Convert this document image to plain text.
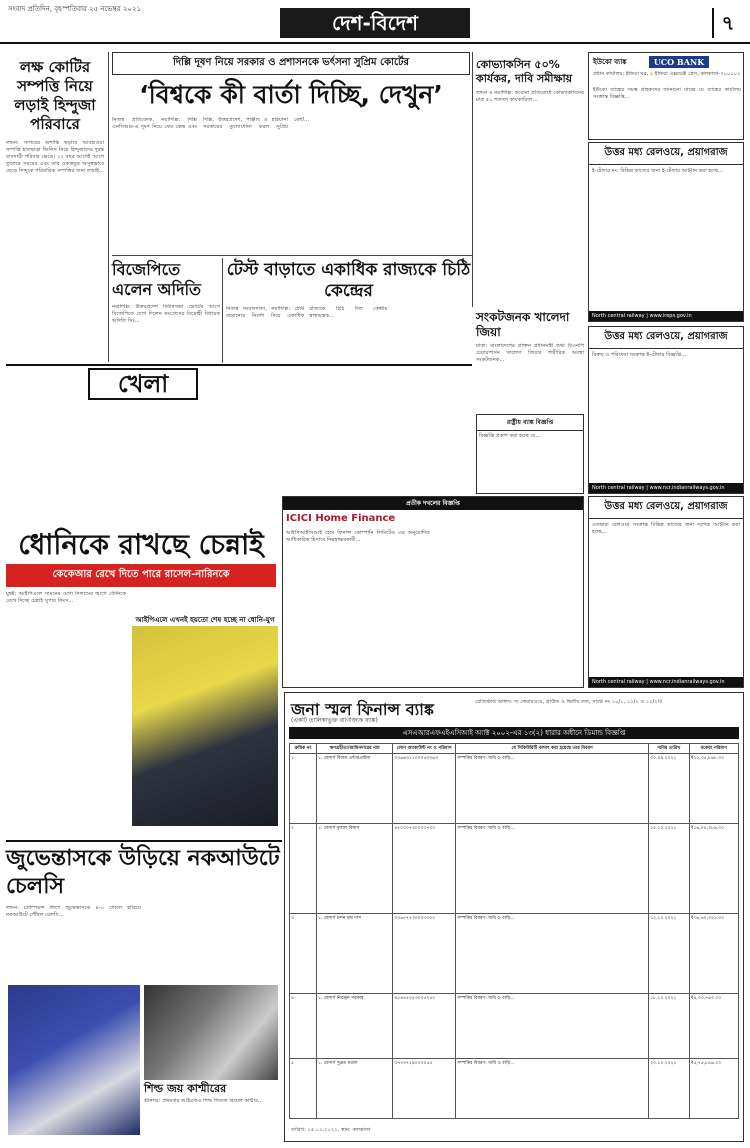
সংবাদ প্রতিদিন, বৃহস্পতিবার ২৫ নভেম্বর ২০২১
দেশ-বিদেশ	৭
লক্ষ কোটির সম্পত্তি নিয়ে লড়াই হিন্দুজা পরিবারে
লন্ডন: সাগরের অশান্তি ছড়াবে আবহাওয়া সম্পত্তি হাতছাড়া জিনিস নিয়ে হিন্দুজাদের দুরন্ত ব্যবসায়ী পরিবার ভেঙে। ১২ বছর আগেই আগে তুলেরে সময়ের এবং তার ওকত্ততুর অসুস্থভাবে ছেড়ে সিন্দুকে পরিবারিক সম্পত্তির জন্য লড়াই...
দিল্লি দূষণ নিয়ে সরকার ও প্রশাসনকে ভর্ৎসনা সুপ্রিম কোর্টের
‘বিশ্বকে কী বার্তা দিচ্ছি, দেখুন’
নিজস্ব প্রতিবেদক, নয়াদিল্লি: দিল্লি এনসিআর-এ দূষণ নিয়ে ফের কেন্দ্র এবং দিল্লি, উত্তরপ্রদেশ, পাঞ্জাব ও হরিয়ানা সরকারের তুলোধোনা করল সুপ্রিম কোর্ট...
কোভ্যাকসিন ৫০% কার্যকর, দাবি সমীক্ষায়
লন্ডন ও নয়াদিল্লি: করোনা প্রতিরোধে কোভ্যাকসিনের মাত্র ৫০ শতাংশ কার্যকারিতা...
UCO BANK
ইউকো ব্যাঙ্ক
প্রধান কার্যালয়: ইন্ডিয়া ঘর, ২ ইন্ডিয়া এক্সচেঞ্জ প্লেস, কলকাতা-৭০০০০১
ইউকো ব্যাঙ্কের সমস্ত গ্রাহকদের জানানো যাচ্ছে যে ব্যাঙ্কের কার্যালয় সংক্রান্ত বিজ্ঞপ্তি...
উত্তর মধ্য রেলওয়ে, প্রয়াগরাজ
ই-টেন্ডার নং: বিভিন্ন কাজের জন্য ই-টেন্ডার আহ্বান করা হচ্ছে...
North central railway | www.ireps.gov.in
উত্তর মধ্য রেলওয়ে, প্রয়াগরাজ
বিক্রয় ও পরিষেবা সংক্রান্ত ই-টেন্ডার বিজ্ঞপ্তি...
North central railway | www.ncr.indianrailways.gov.in
বিজেপিতে এলেন অদিতি
নয়াদিল্লি: উত্তরপ্রদেশ বিধানসভা ভোটের আগে বিজেপিতে যোগ দিলেন কংগ্রেসের বিদ্রোহী বিধায়ক অদিতি সিং...
টেস্ট বাড়াতে একাধিক রাজ্যকে চিঠি কেন্দ্রের
নিজস্ব সংবাদদাতা, নয়াদিল্লি: টেস্ট বাড়ানোর নির্দেশ দিয়ে একাধিক রাজ্যকে চিঠি দিল কেন্দ্রীয় স্বাস্থ্যমন্ত্রক...	সংকটজনক খালেদা জিয়া
ঢাকা: বাংলাদেশের প্রাক্তন প্রধানমন্ত্রী তথা বিএনপি চেয়ারপার্সন খালেদা জিয়ার শারীরিক অবস্থা সংকটজনক...
রাষ্ট্রীয় ব্যাঙ্ক বিজ্ঞপ্তি
বিজ্ঞপ্তি প্রকাশ করা হচ্ছে যে...
খেলা
প্রতীক দখলের বিজ্ঞপ্তি
ICICI Home Finance
আইসিআইসিআই হোম ফিনান্স কোম্পানি লিমিটেড এর অনুমোদিত আধিকারিক হিসাবে নিম্নস্বাক্ষরকারী...
উত্তর মধ্য রেলওয়ে, প্রয়াগরাজ
এতদ্বারা রেলওয়ে সংক্রান্ত বিভিন্ন কাজের জন্য দরপত্র আহ্বান করা হচ্ছে...
North central railway | www.ncr.indianrailways.gov.in
ধোনিকে রাখছে চেন্নাই
কেকেআর রেখে দিতে পারে রাসেল-নারিনকে
মুম্বই: আইপিএলে সামনের মেগা নিলামের আগে ধোনিকে রেখে দিচ্ছে চেন্নাই সুপার কিংস...
আইপিএলে এখনই হয়তো শেষ হচ্ছে না ধোনি-যুগ
জুভেন্তাসকে উড়িয়ে নকআউটে চেলসি
লন্ডন: চ্যাম্পিয়ন্স লিগে জুভেন্তাসকে ৪-০ গোলে হারিয়ে নকআউটে পৌঁছল চেলসি...
শিল্ড জয় কাশ্মীরের
শ্রীনগর: প্রথমবার আইএফএ শিল্ড জিতল রিয়েল কাশ্মীর...
জনা স্মল ফিনান্স ব্যাঙ্ক
(একটি তালিকাভুক্ত বাণিজ্যিক ব্যাঙ্ক)
রেজিস্টার্ড অফিস: দ্য ফেয়ারওয়ে, গ্রাউন্ড ও দ্বিতীয় তল, সার্ভে নং ১০/১, ১১/২ ও ১২/২বি
এসএআরএফএইএসিআই অ্যাক্ট ২০০২-এর ১৩(২) ধারার অধীনে ডিমান্ড বিজ্ঞপ্তি
ক্রমিক নং	ঋণগ্রহীতা/জামিনদারের নাম	লোন অ্যাকাউন্ট নং ও পরিমাণ	যে সিকিউরিটি বলবৎ করা হয়েছে তার বিবরণ	দাবির তারিখ	বকেয়া পরিমাণ
১	১. মেসার্স বিজয় এন্টারপ্রাইজ	৩৩৬৬৩১১০০০৫৩৩৬৩	সম্পত্তির বিবরণ: জমি ও বাড়ি...	৩০.০৯.২০২১	₹১৫,৩৫,৮৬৮.০০
২	১. মেসার্স দুলাল বিশ্বাস	৪৭০৩০৭৩০০০৩৭৩০	সম্পত্তির বিবরণ: জমি ও বাড়ি...	১৫.১০.২০২১	₹১৬,০৪,৩৮৬.০০
৩	১. মেসার্স চন্দন চন্দ্র দাস	৩৩৬৫৭৭৩০০০৩৩০০	সম্পত্তির বিবরণ: জমি ও বাড়ি...	১২.১০.২০২১	₹৩৬,৬০,৩২১.০০
৪	১. মেসার্স নিরঞ্জন সরকার	৪৫৪৪৫০৫৩০০৫৭৫০	সম্পত্তির বিবরণ: জমি ও বাড়ি...	১৮.১০.২০২১	₹৪,৩৩,৭৬৩.০০
৫	১. মেসার্স সুব্রত মণ্ডল	৩৭৩৩৭২৯০০০০৫৫	সম্পত্তির বিবরণ: জমি ও বাড়ি...	২০.১০.২০২১	₹৫,৭৫,৮৪৬.০০
তারিখ: ২৫.১১.২০২১, স্থান: কলকাতা
